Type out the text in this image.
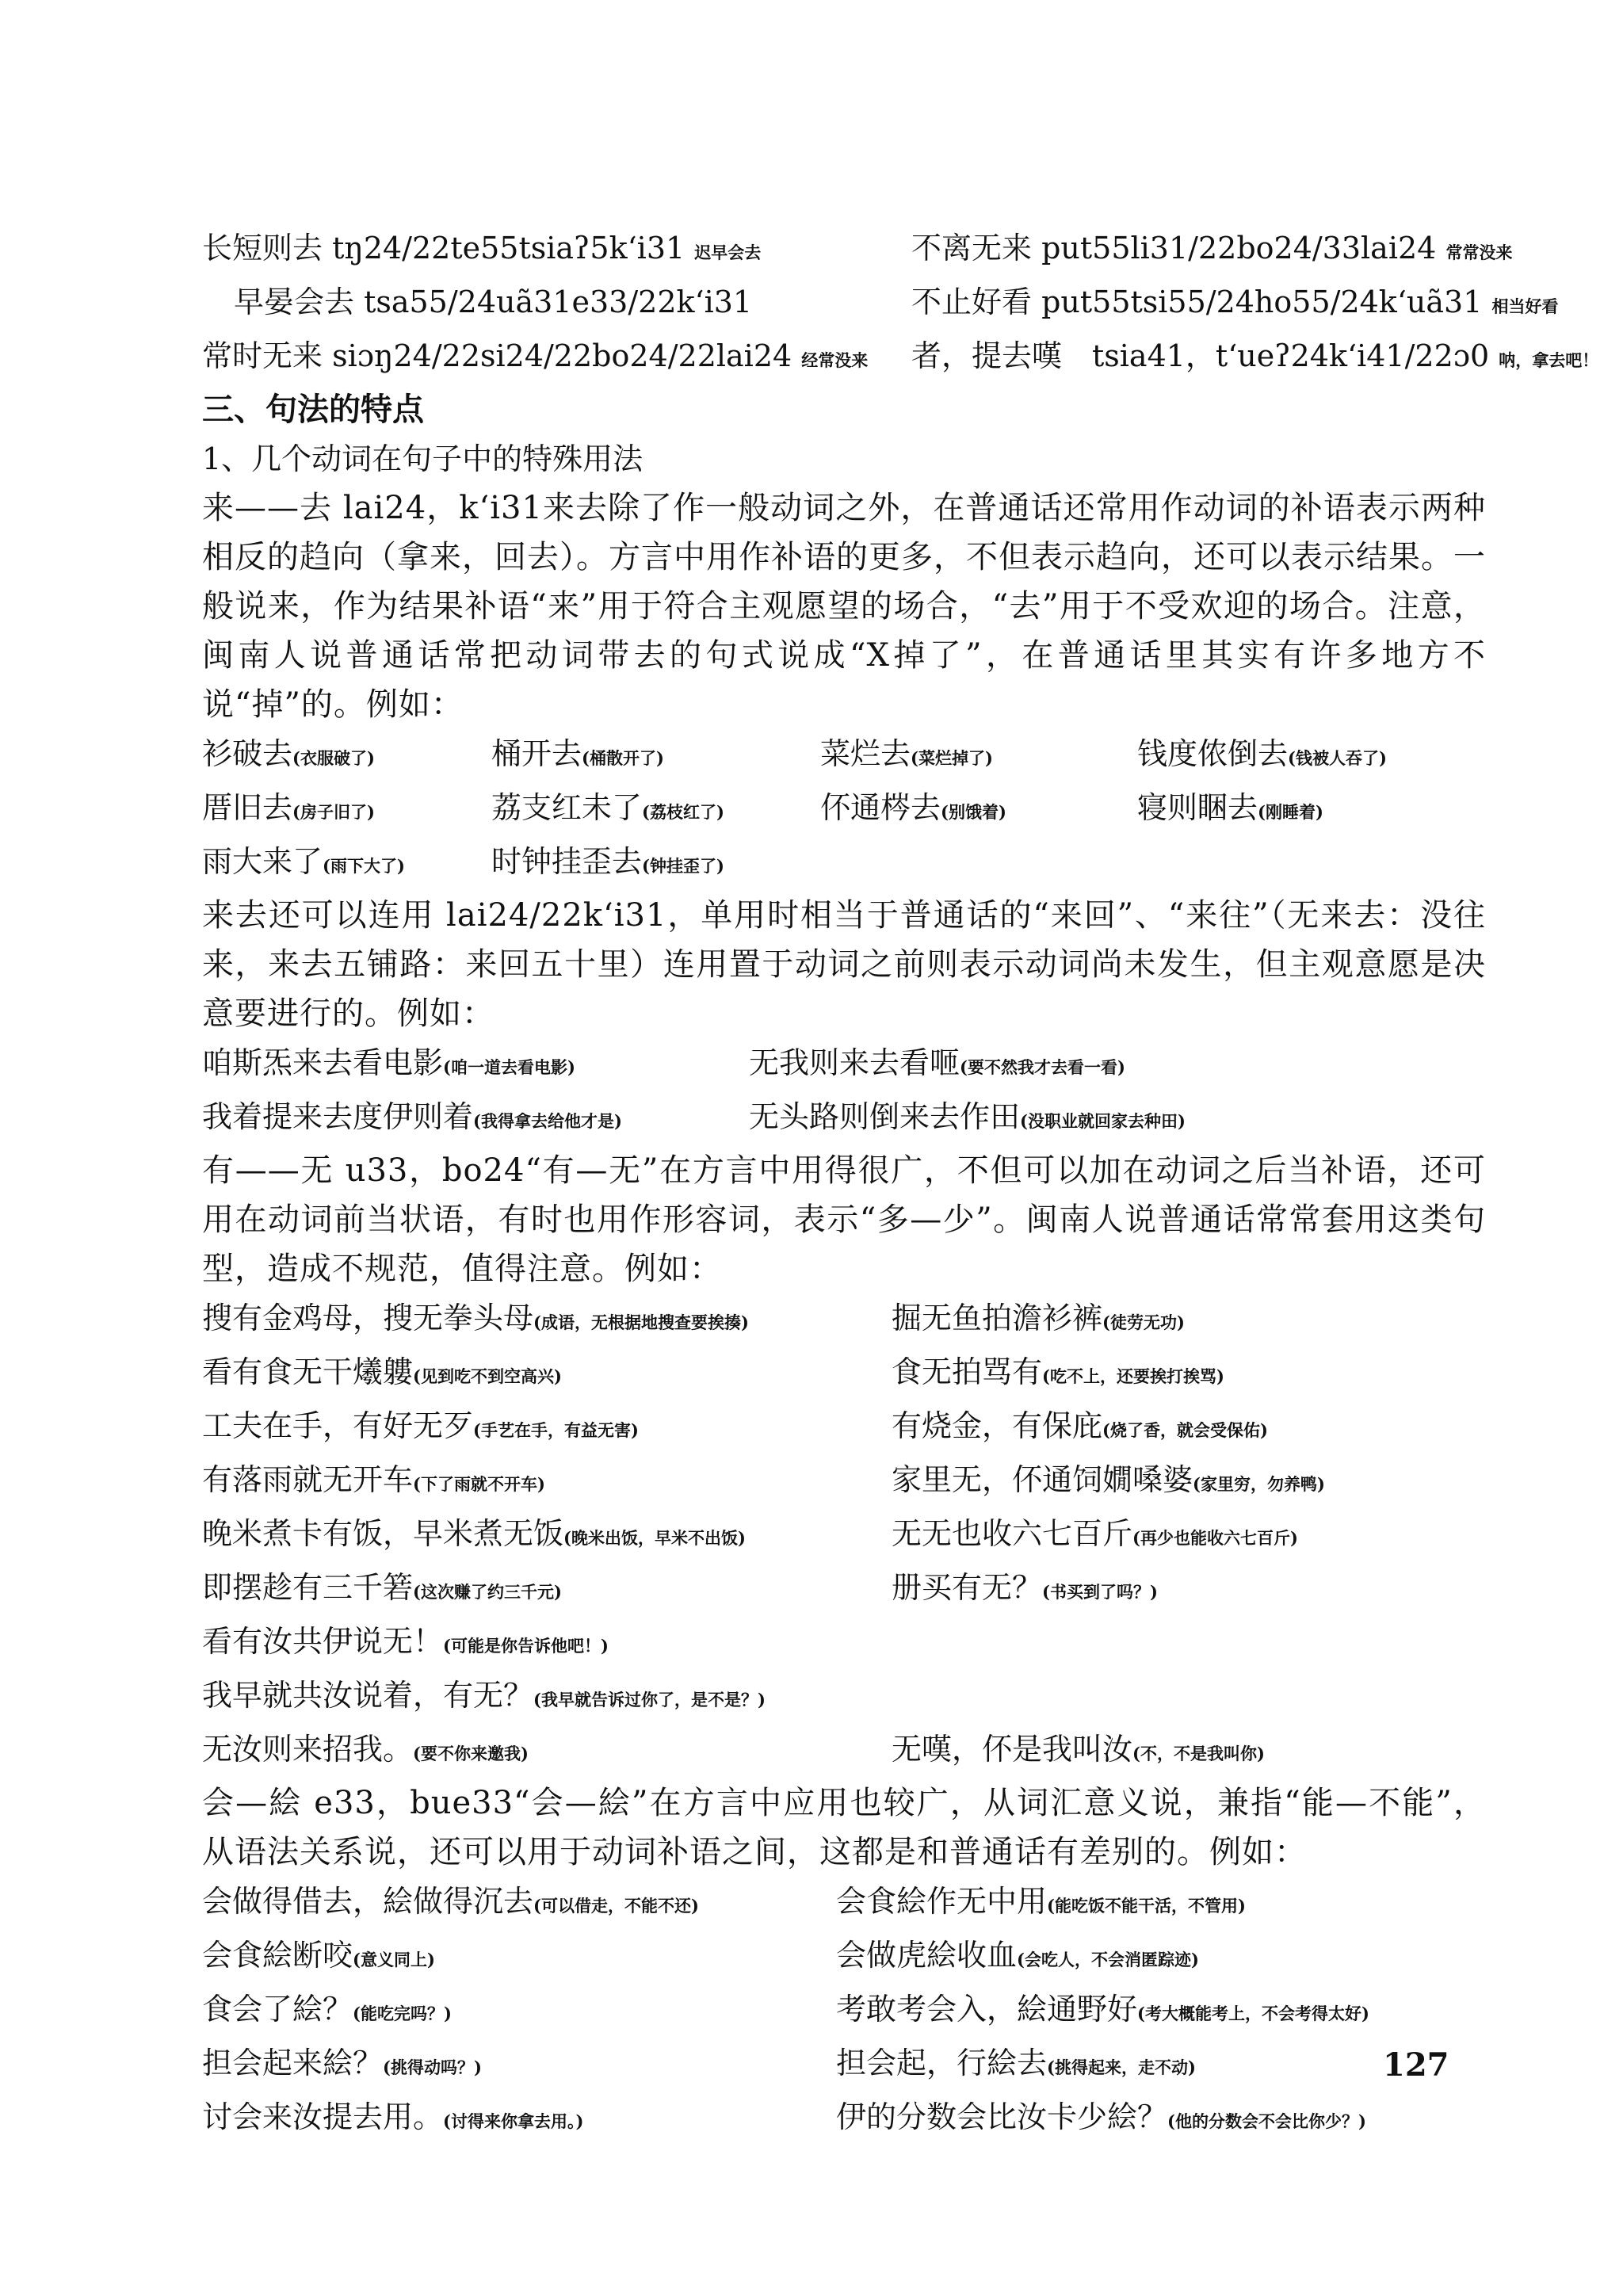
长短则去 tŋ24/22te55tsiaʔ5kʻi31 迟早会去	不离无来 put55li31/22bo24/33lai24 常常没来
早晏会去 tsa55/24uã31e33/22kʻi31	不止好看 put55tsi55/24ho55/24kʻuã31 相当好看
常时无来 siɔŋ24/22si24/22bo24/22lai24 经常没来	者，提去嘆　tsia41，tʻueʔ24kʻi41/22ɔ0 呐，拿去吧！
三、句法的特点
1、几个动词在句子中的特殊用法
来——去 lai24，kʻi31来去除了作一般动词之外，在普通话还常用作动词的补语表示两种相反的趋向（拿来，回去）。方言中用作补语的更多，不但表示趋向，还可以表示结果。一般说来，作为结果补语“来”用于符合主观愿望的场合，“去”用于不受欢迎的场合。注意，闽南人说普通话常把动词带去的句式说成“X掉了”，在普通话里其实有许多地方不说“掉”的。例如：
衫破去(衣服破了)	桶开去(桶散开了)	菜烂去(菜烂掉了)	钱度侬倒去(钱被人吞了)
厝旧去(房子旧了)	荔支红未了(荔枝红了)	伓通梣去(别饿着)	寝则睏去(刚睡着)
雨大来了(雨下大了)	时钟挂歪去(钟挂歪了)
来去还可以连用 lai24/22kʻi31，单用时相当于普通话的“来回”、“来往”（无来去：没往来，来去五铺路：来回五十里）连用置于动词之前则表示动词尚未发生，但主观意愿是决意要进行的。例如：
咱斯炁来去看电影(咱一道去看电影)	无我则来去看咂(要不然我才去看一看)
我着提来去度伊则着(我得拿去给他才是)	无头路则倒来去作田(没职业就回家去种田)
有——无 u33，bo24“有—无”在方言中用得很广，不但可以加在动词之后当补语，还可用在动词前当状语，有时也用作形容词，表示“多—少”。闽南人说普通话常常套用这类句型，造成不规范，值得注意。例如：
搜有金鸡母，搜无拳头母(成语，无根据地搜查要挨揍)	掘无鱼拍澹衫裤(徒劳无功)
看有食无干爔軁(见到吃不到空高兴)	食无拍骂有(吃不上，还要挨打挨骂)
工夫在手，有好无歹(手艺在手，有益无害)	有烧金，有保庇(烧了香，就会受保佑)
有落雨就无开车(下了雨就不开车)	家里无，伓通饲嫺嗓婆(家里穷，勿养鸭)
晚米煮卡有饭，早米煮无饭(晚米出饭，早米不出饭)	无无也收六七百斤(再少也能收六七百斤)
即摆趁有三千箬(这次赚了约三千元)	册买有无？(书买到了吗？)
看有汝共伊说无！(可能是你告诉他吧！)
我早就共汝说着，有无？(我早就告诉过你了，是不是？)
无汝则来招我。(要不你来邀我)	无嘆，伓是我叫汝(不，不是我叫你)
会—絵 e33，bue33“会—絵”在方言中应用也较广，从词汇意义说，兼指“能—不能”，从语法关系说，还可以用于动词补语之间，这都是和普通话有差别的。例如：
会做得借去，絵做得沉去(可以借走，不能不还)	会食絵作无中用(能吃饭不能干活，不管用)
会食絵断咬(意义同上)	会做虎絵收血(会吃人，不会消匿踪迹)
食会了絵？(能吃完吗？)	考敢考会入，絵通野好(考大概能考上，不会考得太好)
担会起来絵？(挑得动吗？)	担会起，行絵去(挑得起来，走不动)
讨会来汝提去用。(讨得来你拿去用。)	伊的分数会比汝卡少絵？(他的分数会不会比你少？)
127
